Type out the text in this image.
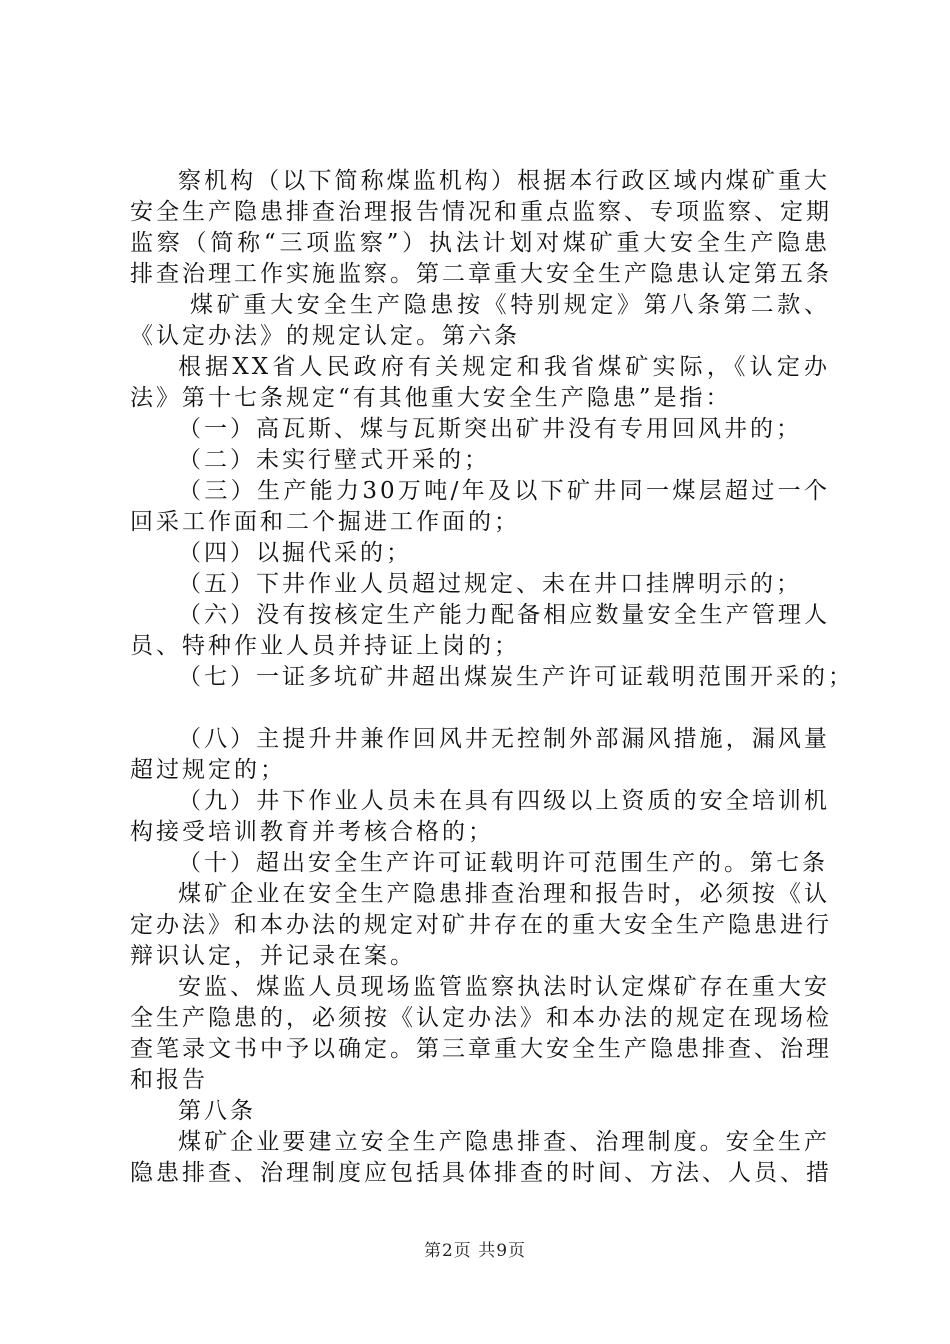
察机构（以下简称煤监机构）根据本行政区域内煤矿重大
安全生产隐患排查治理报告情况和重点监察、专项监察、定期
监察（简称“三项监察”）执法计划对煤矿重大安全生产隐患
排查治理工作实施监察。第二章重大安全生产隐患认定第五条
煤矿重大安全生产隐患按《特别规定》第八条第二款、
《认定办法》的规定认定。第六条
根据XX省人民政府有关规定和我省煤矿实际，《认定办
法》第十七条规定“有其他重大安全生产隐患”是指：
（一）高瓦斯、煤与瓦斯突出矿井没有专用回风井的；
（二）未实行壁式开采的；
（三）生产能力30万吨/年及以下矿井同一煤层超过一个
回采工作面和二个掘进工作面的；
（四）以掘代采的；
（五）下井作业人员超过规定、未在井口挂牌明示的；
（六）没有按核定生产能力配备相应数量安全生产管理人
员、特种作业人员并持证上岗的；
（七）一证多坑矿井超出煤炭生产许可证载明范围开采的；
（八）主提升井兼作回风井无控制外部漏风措施，漏风量
超过规定的；
（九）井下作业人员未在具有四级以上资质的安全培训机
构接受培训教育并考核合格的；
（十）超出安全生产许可证载明许可范围生产的。第七条
煤矿企业在安全生产隐患排查治理和报告时，必须按《认
定办法》和本办法的规定对矿井存在的重大安全生产隐患进行
辩识认定，并记录在案。
安监、煤监人员现场监管监察执法时认定煤矿存在重大安
全生产隐患的，必须按《认定办法》和本办法的规定在现场检
查笔录文书中予以确定。第三章重大安全生产隐患排查、治理
和报告
第八条
煤矿企业要建立安全生产隐患排查、治理制度。安全生产
隐患排查、治理制度应包括具体排查的时间、方法、人员、措
第2页 共9页
